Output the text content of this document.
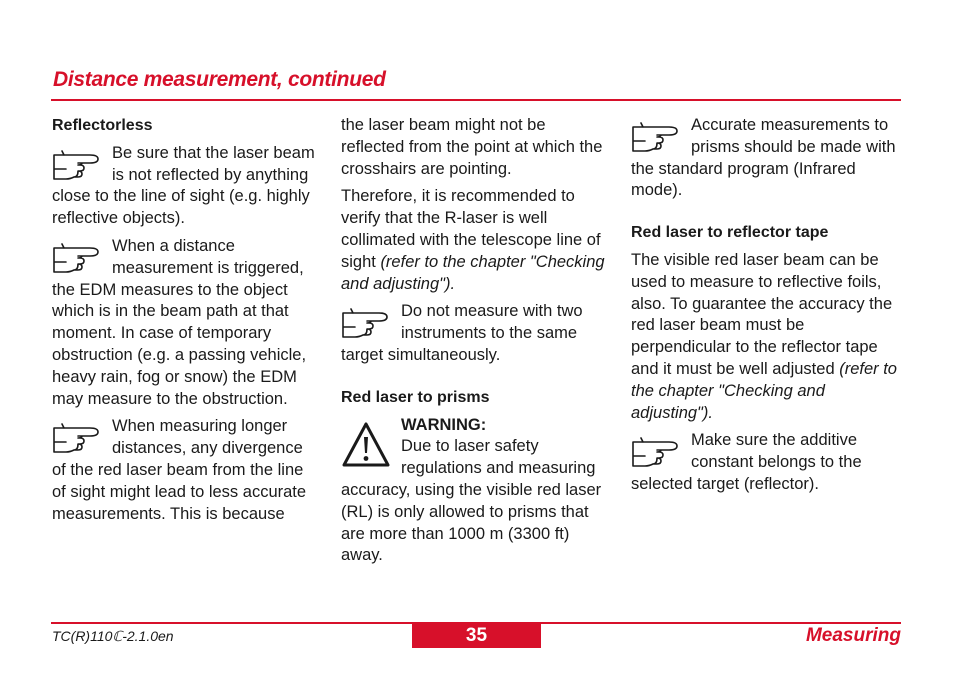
Distance measurement, continued
Reflectorless

Be sure that the laser beam is not reflected by anything close to the line of sight (e.g. highly reflective objects).

When a distance measurement is triggered, the EDM measures to the object which is in the beam path at that moment. In case of temporary obstruction (e.g. a passing vehicle, heavy rain, fog or snow) the EDM may measure to the obstruction.

When measuring longer distances, any divergence of the red laser beam from the line of sight might lead to less accurate measurements. This is because

the laser beam might not be reflected from the point at which the crosshairs are pointing.

Therefore, it is recommended to verify that the R-laser is well collimated with the telescope line of sight (refer to the chapter "Checking and adjusting").

Do not measure with two instruments to the same target simultaneously.

Red laser to prisms

WARNING:
Due to laser safety regulations and measuring accuracy, using the visible red laser (RL) is only allowed to prisms that are more than 1000 m (3300 ft) away.

Accurate measurements to prisms should be made with the standard program (Infrared mode).

Red laser to reflector tape

The visible red laser beam can be used to measure to reflective foils, also. To guarantee the accuracy the red laser beam must be perpendicular to the reflector tape and it must be well adjusted (refer to the chapter "Checking and adjusting").

Make sure the additive constant belongs to the selected target (reflector).

TC(R)110ℂ-2.1.0en	35	Measuring
